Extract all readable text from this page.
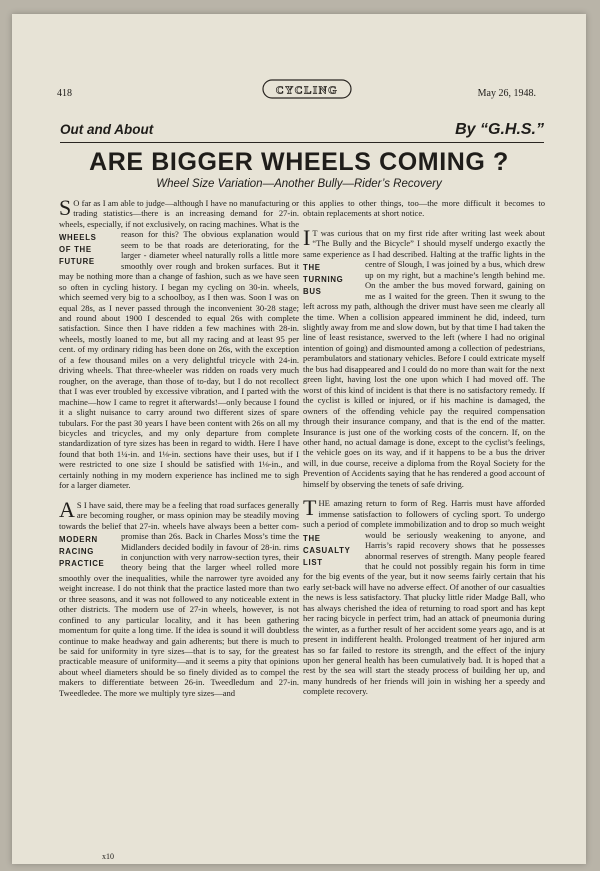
418	CYCLING	May 26, 1948.
Out and About	By “G.H.S.”
ARE BIGGER WHEELS COMING ?
Wheel Size Variation—Another Bully—Rider’s Recovery

S O far as I am able to judge—although I have no manufacturing or trading statistics—there is an increasing demand for 27-in. wheels, especially, if not exclusively, on racing machines. What is the reason for this? The obvious
WHEELS
OF THE
FUTURE
explanation would seem to be that roads are deteriorating, for the larger - diameter wheel naturally rolls a little more smoothly over rough and broken surfaces. But it may be nothing more than a change of fashion, such as we have seen so often in cycling history. I began my cycling on 30-in. wheels, which seemed very big to a schoolboy, as I then was. Soon I was on equal 28s, as I never passed through the inconvenient 30-28 stage; and round about 1900 I descended to equal 26s with complete satisfaction. Since then I have ridden a few machines with 28-in. wheels, mostly loaned to me, but all my racing and at least 95 per cent. of my ordinary riding has been done on 26s, with the exception of a few thousand miles on a very delightful tricycle with 24-in. driving wheels. That three-wheeler was ridden on roads very much rougher, on the average, than those of to-day, but I do not recollect that I was ever troubled by excessive vibration, and I parted with the machine—how I came to regret it afterwards!—only because I found it a slight nuisance to carry around two different sizes of spare tubulars. For the past 30 years I have been content with 26s on all my bicycles and tricycles, and my only departure from complete standardization of tyre sizes has been in regard to width. Here I have found that both 1¼-in. and 1⅛-in. sections have their uses, but if I were restricted to one size I should be satisfied with 1⅛-in., and certainly nothing in my modern experience has inclined me to sigh for a larger diameter.

A S I have said, there may be a feeling that road surfaces generally are becoming rougher, or mass opinion may be steadily moving towards the belief that 27-in. wheels have always been a better com-
MODERN
RACING
PRACTICE
promise than 26s. Back in Charles Moss’s time the Midlanders decided bodily in favour of 28-in. rims in conjunction with very narrow-section tyres, their theory being that the larger wheel rolled more smoothly over the inequalities, while the narrower tyre avoided any weight increase. I do not think that the practice lasted more than two or three seasons, and it was not followed to any noticeable extent in other districts. The modern use of 27-in wheels, however, is not confined to any particular locality, and it has been gathering momentum for quite a long time. If the idea is sound it will doubtless continue to make headway and gain adherents; but there is much to be said for uniformity in tyre sizes—that is to say, for the greatest practicable measure of uniformity—and it seems a pity that opinions about wheel diameters should be so finely divided as to compel the makers to differentiate between 26-in. Tweedledum and 27-in. Tweedledee. The more we multiply tyre sizes—and

this applies to other things, too—the more difficult it becomes to obtain replacements at short notice.

I T was curious that on my first ride after writing last week about “The Bully and the Bicycle” I should myself undergo exactly the same experience as I had described. Halting at the traffic lights in the centre of Slough, I was joined
THE
TURNING
BUS
by a bus, which drew up on my right, but a machine’s length behind me. On the amber the bus moved forward, gaining on me as I waited for the green. Then it swung to the left across my path, although the driver must have seen me clearly all the time. When a collision appeared imminent he did, indeed, turn slightly away from me and slow down, but by that time I had taken the line of least resistance, swerved to the left (where I had no original intention of going) and dismounted among a collection of pedestrians, perambulators and stationary vehicles. Before I could extricate myself the bus had disappeared and I could do no more than wait for the next green light, having lost the one upon which I had moved off. The worst of this kind of incident is that there is no satisfactory remedy. If the cyclist is killed or injured, or if his machine is damaged, the owners of the offending vehicle pay the required compensation through their insurance company, and that is the end of the matter. Insurance is just one of the working costs of the concern. If, on the other hand, no actual damage is done, except to the cyclist’s feelings, the vehicle goes on its way, and if it happens to be a bus the driver will, in due course, receive a diploma from the Royal Society for the Prevention of Accidents saying that he has rendered a good account of himself by observing the tenets of safe driving.

THE amazing return to form of Reg. Harris must have afforded immense satisfaction to followers of cycling sport. To undergo such a period of complete immobilization and to drop so much weight would be seriously weakening to
THE
CASUALTY
LIST
anyone, and Harris’s rapid recovery shows that he possesses abnormal reserves of strength. Many people feared that he could not possibly regain his form in time for the big events of the year, but it now seems fairly certain that his early set-back will have no adverse effect. Of another of our casualties the news is less satisfactory. That plucky little rider Madge Ball, who has always cherished the idea of returning to road sport and has kept her racing bicycle in perfect trim, had an attack of pneumonia during the winter, as a further result of her accident some years ago, and is at present in indifferent health. Prolonged treatment of her injured arm has so far failed to restore its strength, and the effect of the injury upon her general health has been cumulatively bad. It is hoped that a rest by the sea will start the steady process of building her up, and many hundreds of her friends will join in wishing her a speedy and complete recovery.

x10
